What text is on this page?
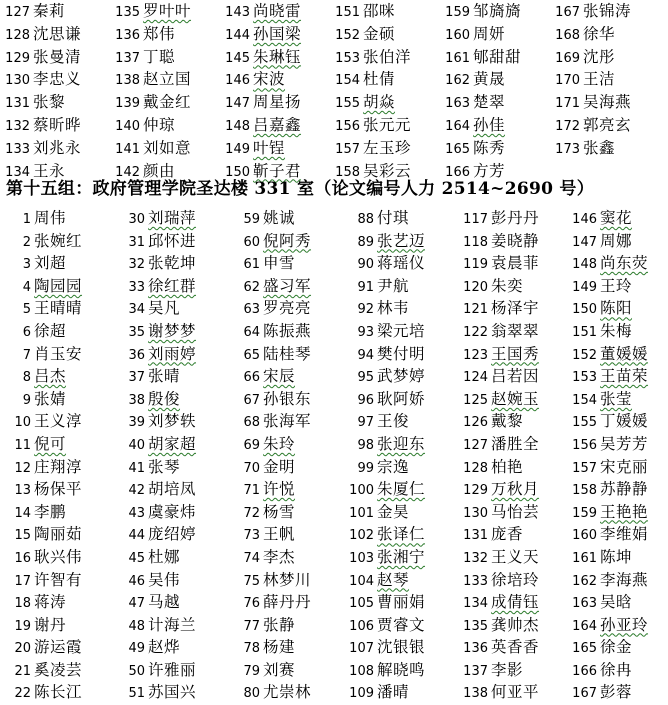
127 秦莉	135 罗叶叶	143 尚晓雷	151 邵咪	159 邹旖旖	167 张锦涛
128 沈思谦	136 郑伟	144 孙国梁	152 金硕	160 周妍	168 徐华
129 张曼清	137 丁聪	145 朱琳钰	153 张伯洋	161 郇甜甜	169 沈彤
130 李忠义	138 赵立国	146 宋波	154 杜倩	162 黄晟	170 王洁
131 张黎	139 戴金红	147 周星扬	155 胡焱	163 楚翠	171 吴海燕
132 蔡昕晔	140 仲琼	148 吕嘉鑫	156 张元元	164 孙佳	172 郭亮玄
133 刘兆永	141 刘如意	149 叶锃	157 左玉珍	165 陈秀	173 张鑫
134 王永	142 颜由	150 靳子君	158 吴彩云	166 方芳
第十五组：政府管理学院圣达楼 331 室（论文编号人力 2514~2690 号）
1 周伟	30 刘瑞萍	59 姚诚	88 付琪	117 彭丹丹	146 窦花
2 张婉红	31 邱怀进	60 倪阿秀	89 张艺迈	118 姜晓静	147 周娜
3 刘超	32 张乾坤	61 申雪	90 蒋瑶仪	119 袁晨菲	148 尚东荧
4 陶园园	33 徐红群	62 盛习军	91 尹航	120 朱奕	149 王玲
5 王晴晴	34 吴凡	63 罗亮亮	92 林韦	121 杨泽宇	150 陈阳
6 徐超	35 谢梦梦	64 陈振燕	93 梁元培	122 翁翠翠	151 朱梅
7 肖玉安	36 刘雨婷	65 陆桂琴	94 樊付明	123 王国秀	152 董媛媛
8 吕杰	37 张晴	66 宋辰	95 武梦婷	124 吕若因	153 王苗荣
9 张婧	38 殷俊	67 孙银东	96 耿阿娇	125 赵婉玉	154 张莹
10 王义淳	39 刘梦轶	68 张海军	97 王俊	126 戴黎	155 丁媛媛
11 倪可	40 胡家超	69 朱玲	98 张迎东	127 潘胜全	156 吴芳芳
12 庄翔淳	41 张琴	70 金明	99 宗逸	128 柏艳	157 宋克丽
13 杨保平	42 胡培凤	71 许悦	100 朱厦仁	129 万秋月	158 苏静静
14 李鹏	43 虞豪炜	72 杨雪	101 金昊	130 马怡芸	159 王艳艳
15 陶丽茹	44 庞绍婷	73 王帆	102 张译仁	131 庞香	160 李维娟
16 耿兴伟	45 杜娜	74 李杰	103 张湘宁	132 王义天	161 陈坤
17 许智有	46 吴伟	75 林梦川	104 赵琴	133 徐培玲	162 李海燕
18 蒋涛	47 马越	76 薛丹丹	105 曹丽娟	134 成倩钰	163 吴晗
19 谢丹	48 计海兰	77 张静	106 贾睿文	135 龚帅杰	164 孙亚玲
20 游运霞	49 赵烨	78 杨建	107 沈银银	136 英香香	165 徐金
21 奚凌芸	50 许雅丽	79 刘赛	108 解晓鸣	137 李影	166 徐冉
22 陈长江	51 苏国兴	80 尤崇林	109 潘晴	138 何亚平	167 彭蓉
